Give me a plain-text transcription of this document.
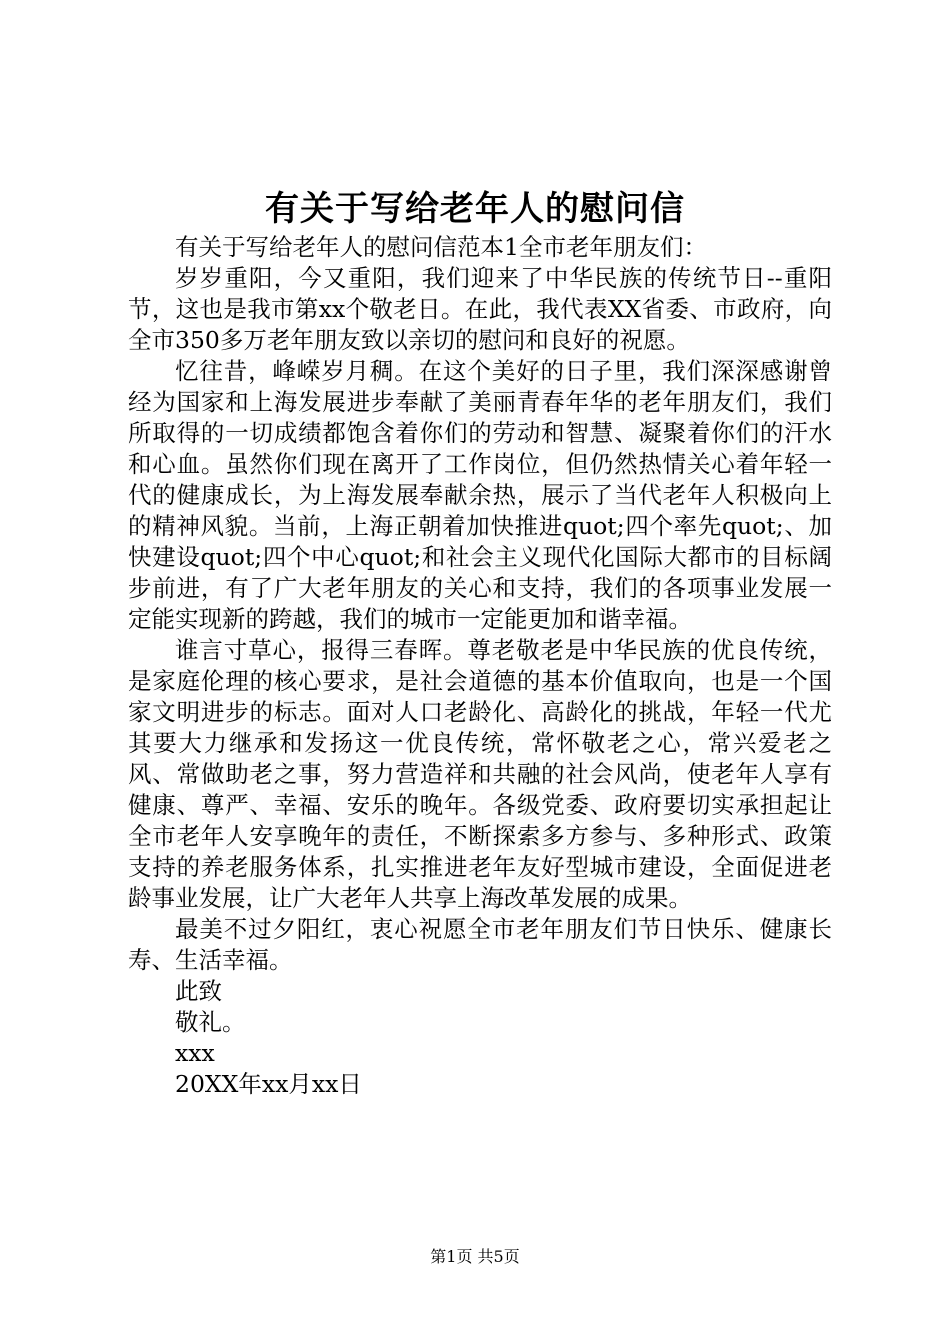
有关于写给老年人的慰问信

有关于写给老年人的慰问信范本1全市老年朋友们：

岁岁重阳，今又重阳，我们迎来了中华民族的传统节日--重阳节，这也是我市第xx个敬老日。在此，我代表XX省委、市政府，向全市350多万老年朋友致以亲切的慰问和良好的祝愿。

忆往昔，峰嵘岁月稠。在这个美好的日子里，我们深深感谢曾经为国家和上海发展进步奉献了美丽青春年华的老年朋友们，我们所取得的一切成绩都饱含着你们的劳动和智慧、凝聚着你们的汗水和心血。虽然你们现在离开了工作岗位，但仍然热情关心着年轻一代的健康成长，为上海发展奉献余热，展示了当代老年人积极向上的精神风貌。当前，上海正朝着加快推进quot;四个率先quot;、加快建设quot;四个中心quot;和社会主义现代化国际大都市的目标阔步前进，有了广大老年朋友的关心和支持，我们的各项事业发展一定能实现新的跨越，我们的城市一定能更加和谐幸福。

谁言寸草心，报得三春晖。尊老敬老是中华民族的优良传统，是家庭伦理的核心要求，是社会道德的基本价值取向，也是一个国家文明进步的标志。面对人口老龄化、高龄化的挑战，年轻一代尤其要大力继承和发扬这一优良传统，常怀敬老之心，常兴爱老之风、常做助老之事，努力营造祥和共融的社会风尚，使老年人享有健康、尊严、幸福、安乐的晚年。各级党委、政府要切实承担起让全市老年人安享晚年的责任，不断探索多方参与、多种形式、政策支持的养老服务体系，扎实推进老年友好型城市建设，全面促进老龄事业发展，让广大老年人共享上海改革发展的成果。

最美不过夕阳红，衷心祝愿全市老年朋友们节日快乐、健康长寿、生活幸福。

此致

敬礼。

xxx

20XX年xx月xx日

第1页 共5页
